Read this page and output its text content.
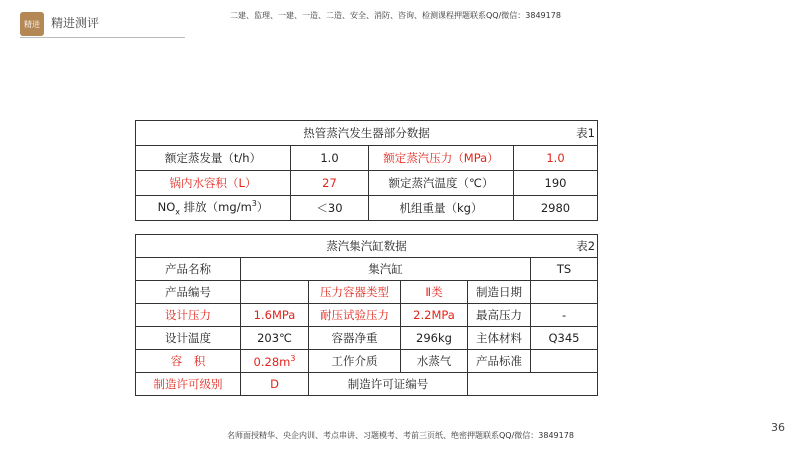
精进 精进测评
二建、监理、一建、一造、二造、安全、消防、咨询、检测课程押题联系QQ/微信：3849178
热管蒸汽发生器部分数据 表1			

额定蒸发量（t/h）	1.0	额定蒸汽压力（MPa）	1.0
锅内水容积（L）	27	额定蒸汽温度（℃）	190
$NO_x$ 排放$(mg/m^3)$	＜30	机组重量（kg）	2980
蒸汽集汽缸数据 表2					

产品名称	集汽缸				TS
产品编号		压力容器类型	Ⅱ类	制造日期	
设计压力	1.6MPa	耐压试验压力	2.2MPa	最高压力	-
设计温度	203℃	容器净重	296kg	主体材料	Q345
容　积	$0.28m^3$	工作介质	水蒸气	产品标准	
制造许可级别	D	制造许可证编号			
名师面授精华、央企内训、考点串讲、习题模考、考前三页纸、绝密押题联系QQ/微信：3849178
36
